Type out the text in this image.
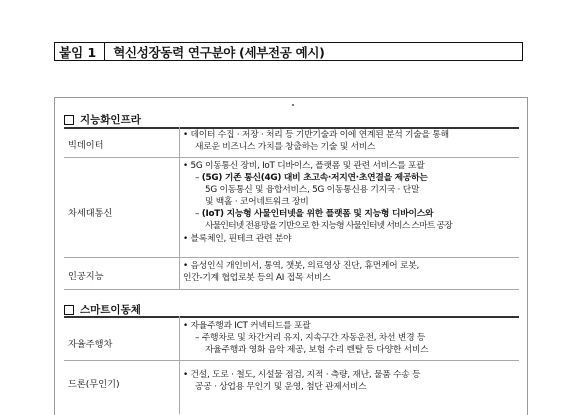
붙임 1	혁신성장동력 연구분야 (세부전공 예시)
지능화인프라
빅데이터
• 데이터 수집 · 저장 · 처리 등 기반기술과 이에 연계된 분석 기술을 통해
새로운 비즈니스 가치를 창출하는 기술 및 서비스
차세대통신
• 5G 이동통신 장비, IoT 디바이스, 플랫폼 및 관련 서비스를 포괄
– (5G) 기존 통신(4G) 대비 초고속·저지연·초연결을 제공하는
5G 이동통신 및 융합서비스, 5G 이동통신용 기지국 · 단말
및 백홀 · 코어네트워크 장비
– (IoT) 지능형 사물인터넷을 위한 플랫폼 및 지능형 디바이스와
사물인터넷 전용망을 기반으로 한 지능형 사물인터넷 서비스 스마트 공장
• 블록체인, 핀테크 관련 분야
인공지능
• 음성인식 개인비서, 통역, 챗봇, 의료영상 진단, 휴먼케어 로봇,
인간-기계 협업로봇 등의 AI 접목 서비스
스마트이동체
자율주행차
• 자율주행과 ICT 커넥티드를 포괄
– 주행차로 및 차간거리 유지, 지속구간 자동운전, 차선 변경 등
자율주행과 영화 음악 제공, 보험 수리 렌탈 등 다양한 서비스
드론(무인기)
• 건설, 도로 · 철도, 시설물 점검, 지적 · 측량, 재난, 물품 수송 등
공공 · 상업용 무인기 및 운영, 첨단 관제서비스
